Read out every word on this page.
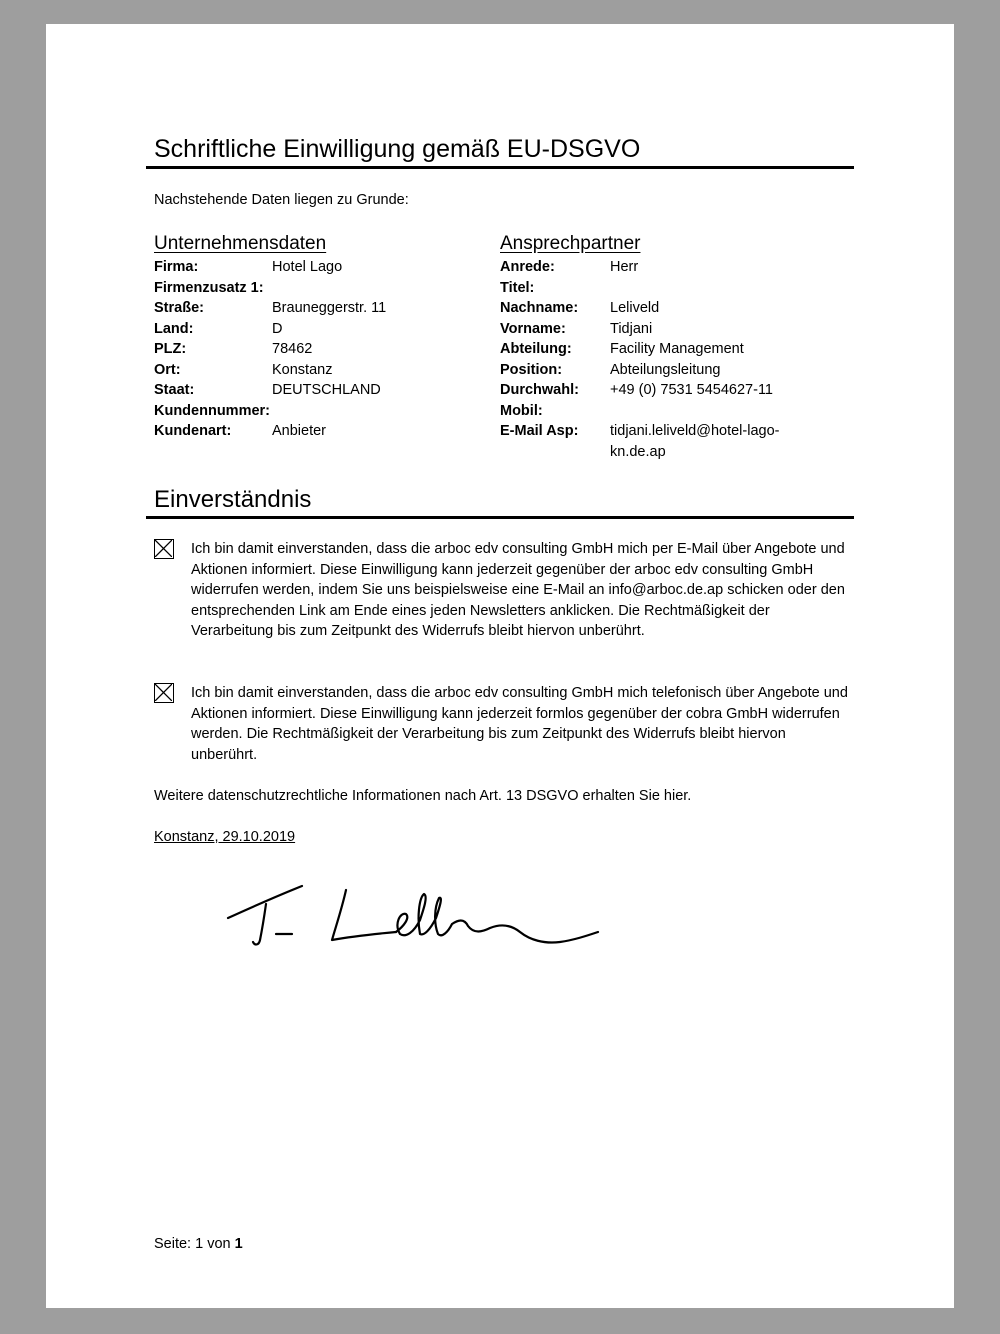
Schriftliche Einwilligung gemäß EU-DSGVO
Nachstehende Daten liegen zu Grunde:
Unternehmensdaten
Firma:	Hotel Lago
Firmenzusatz 1:
Straße:	Brauneggerstr. 11
Land:	D
PLZ:	78462
Ort:	Konstanz
Staat:	DEUTSCHLAND
Kundennummer:
Kundenart:	Anbieter
Ansprechpartner
Anrede:	Herr
Titel:
Nachname:	Leliveld
Vorname:	Tidjani
Abteilung:	Facility Management
Position:	Abteilungsleitung
Durchwahl:	+49 (0) 7531 5454627-11
Mobil:
E-Mail Asp:	tidjani.leliveld@hotel-lago-kn.de.ap
Einverständnis
Ich bin damit einverstanden, dass die arboc edv consulting GmbH mich per E-Mail über Angebote und Aktionen informiert. Diese Einwilligung kann jederzeit gegenüber der arboc edv consulting GmbH widerrufen werden, indem Sie uns beispielsweise eine E-Mail an info@arboc.de.ap schicken oder den entsprechenden Link am Ende eines jeden Newsletters anklicken. Die Rechtmäßigkeit der Verarbeitung bis zum Zeitpunkt des Widerrufs bleibt hiervon unberührt.
Ich bin damit einverstanden, dass die arboc edv consulting GmbH mich telefonisch über Angebote und Aktionen informiert. Diese Einwilligung kann jederzeit formlos gegenüber der cobra GmbH widerrufen werden. Die Rechtmäßigkeit der Verarbeitung bis zum Zeitpunkt des Widerrufs bleibt hiervon unberührt.
Weitere datenschutzrechtliche Informationen nach Art. 13 DSGVO erhalten Sie hier.
Konstanz, 29.10.2019
Seite: 1 von 1
